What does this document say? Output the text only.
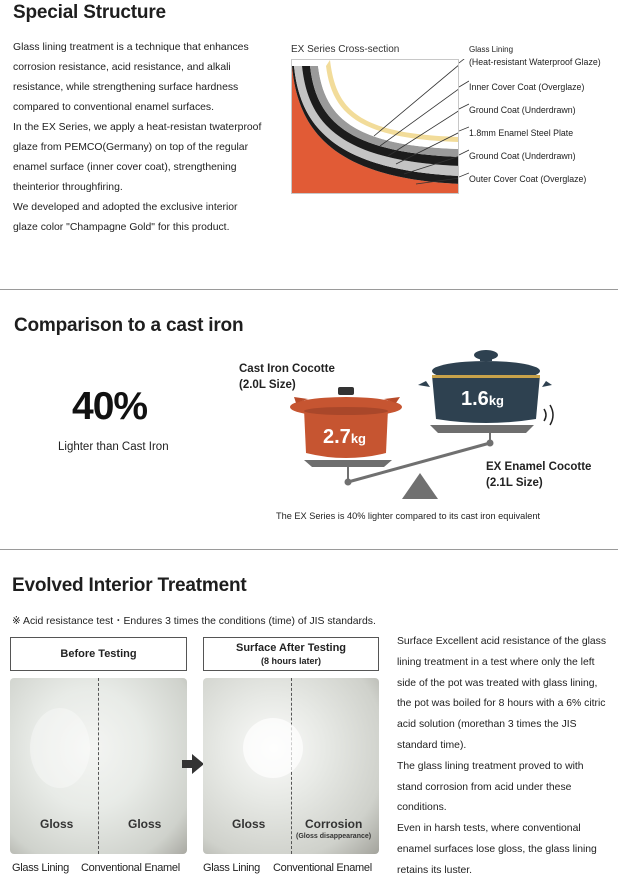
Special Structure

Glass lining treatment is a technique that enhances

corrosion resistance, acid resistance, and alkali

resistance, while strengthening surface hardness

compared to conventional enamel surfaces.

In the EX Series, we apply a heat-resistan twaterproof

glaze from PEMCO(Germany) on top of the regular

enamel surface (inner cover coat), strengthening

theinterior throughfiring.

We developed and adopted the exclusive interior

glaze color "Champagne Gold" for this product.

EX Series Cross-section	Glass Lining
(Heat-resistant Waterproof Glaze)
Inner Cover Coat (Overglaze)
Ground Coat (Underdrawn)
1.8mm Enamel Steel Plate
Ground Coat (Underdrawn)
Outer Cover Coat (Overglaze)
Comparison to a cast iron
40%
Lighter than Cast Iron
Cast Iron Cocotte
(2.0L Size)
EX Enamel Cocotte
(2.1L Size)
2.7kg
1.6kg
The EX Series is 40% lighter compared to its cast iron equivalent
Evolved Interior Treatment
※ Acid resistance test・Endures 3 times the conditions (time) of JIS standards.
Before Testing	Surface After Testing
(8 hours later)
Gloss	Gloss	Gloss	Corrosion
(Gloss disappearance)
Glass Lining Conventional Enamel Glass Lining Conventional Enamel

Surface Excellent acid resistance of the glass lining treatment in a test where only the left side of the pot was treated with glass lining, the pot was boiled for 8 hours with a 6% citric acid solution (morethan 3 times the JIS standard time).

The glass lining treatment proved to with stand corrosion from acid under these conditions.

Even in harsh tests, where conventional enamel surfaces lose gloss, the glass lining retains its luster.
